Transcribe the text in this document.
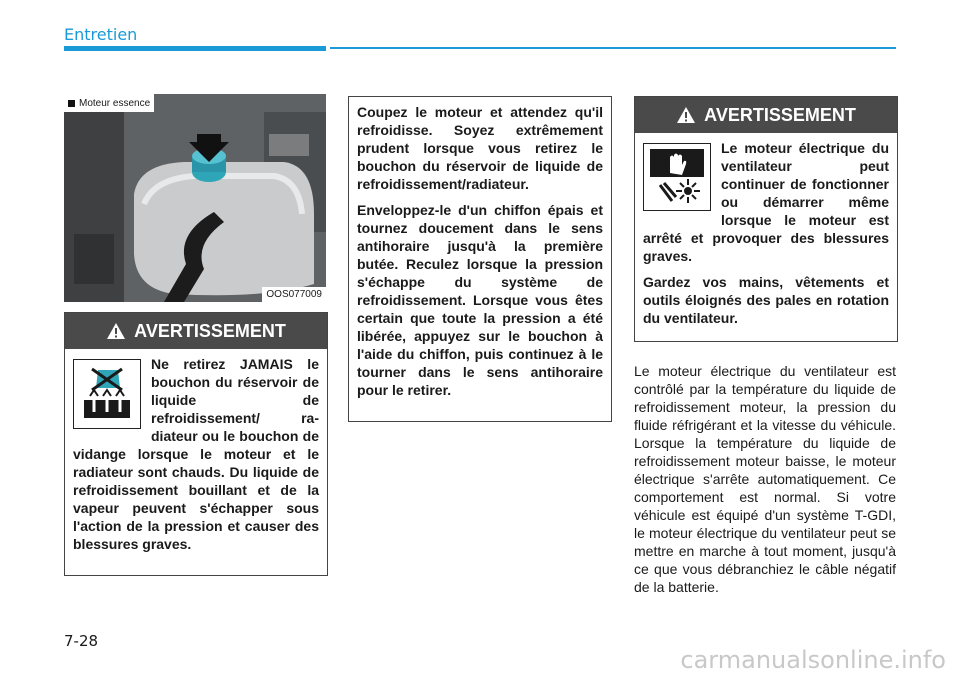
Entretien
OOS077009
Moteur essence
AVERTISSEMENT
Ne retirez JAMAIS le bouchon du réservoir de liquide de refroidissement/ ra-diateur ou le bouchon de vidange lorsque le moteur et le radiateur sont chauds. Du liquide de refroidissement bouillant et de la vapeur peuvent s'échapper sous l'action de la pression et causer des blessures graves.

Coupez le moteur et attendez qu'il refroidisse. Soyez extrêmement prudent lorsque vous retirez le bouchon du réservoir de liquide de refroidissement/radiateur.

Enveloppez-le d'un chiffon épais et tournez doucement dans le sens antihoraire jusqu'à la première butée. Reculez lorsque la pression s'échappe du système de refroidissement. Lorsque vous êtes certain que toute la pression a été libérée, appuyez sur le bouchon à l'aide du chiffon, puis continuez à le tourner dans le sens antihoraire pour le retirer.

AVERTISSEMENT
Le moteur électrique du ventilateur peut continuer de fonctionner ou démarrer même lorsque le moteur est arrêté et provoquer des blessures graves.
Gardez vos mains, vêtements et outils éloignés des pales en rotation du ventilateur.
Le moteur électrique du ventilateur est contrôlé par la température du liquide de refroidissement moteur, la pression du fluide réfrigérant et la vitesse du véhicule. Lorsque la température du liquide de refroidissement moteur baisse, le moteur électrique s'arrête automatiquement. Ce comportement est normal. Si votre véhicule est équipé d'un système T-GDI, le moteur électrique du ventilateur peut se mettre en marche à tout moment, jusqu'à ce que vous débranchiez le câble négatif de la batterie.
7-28
carmanualsonline.info
